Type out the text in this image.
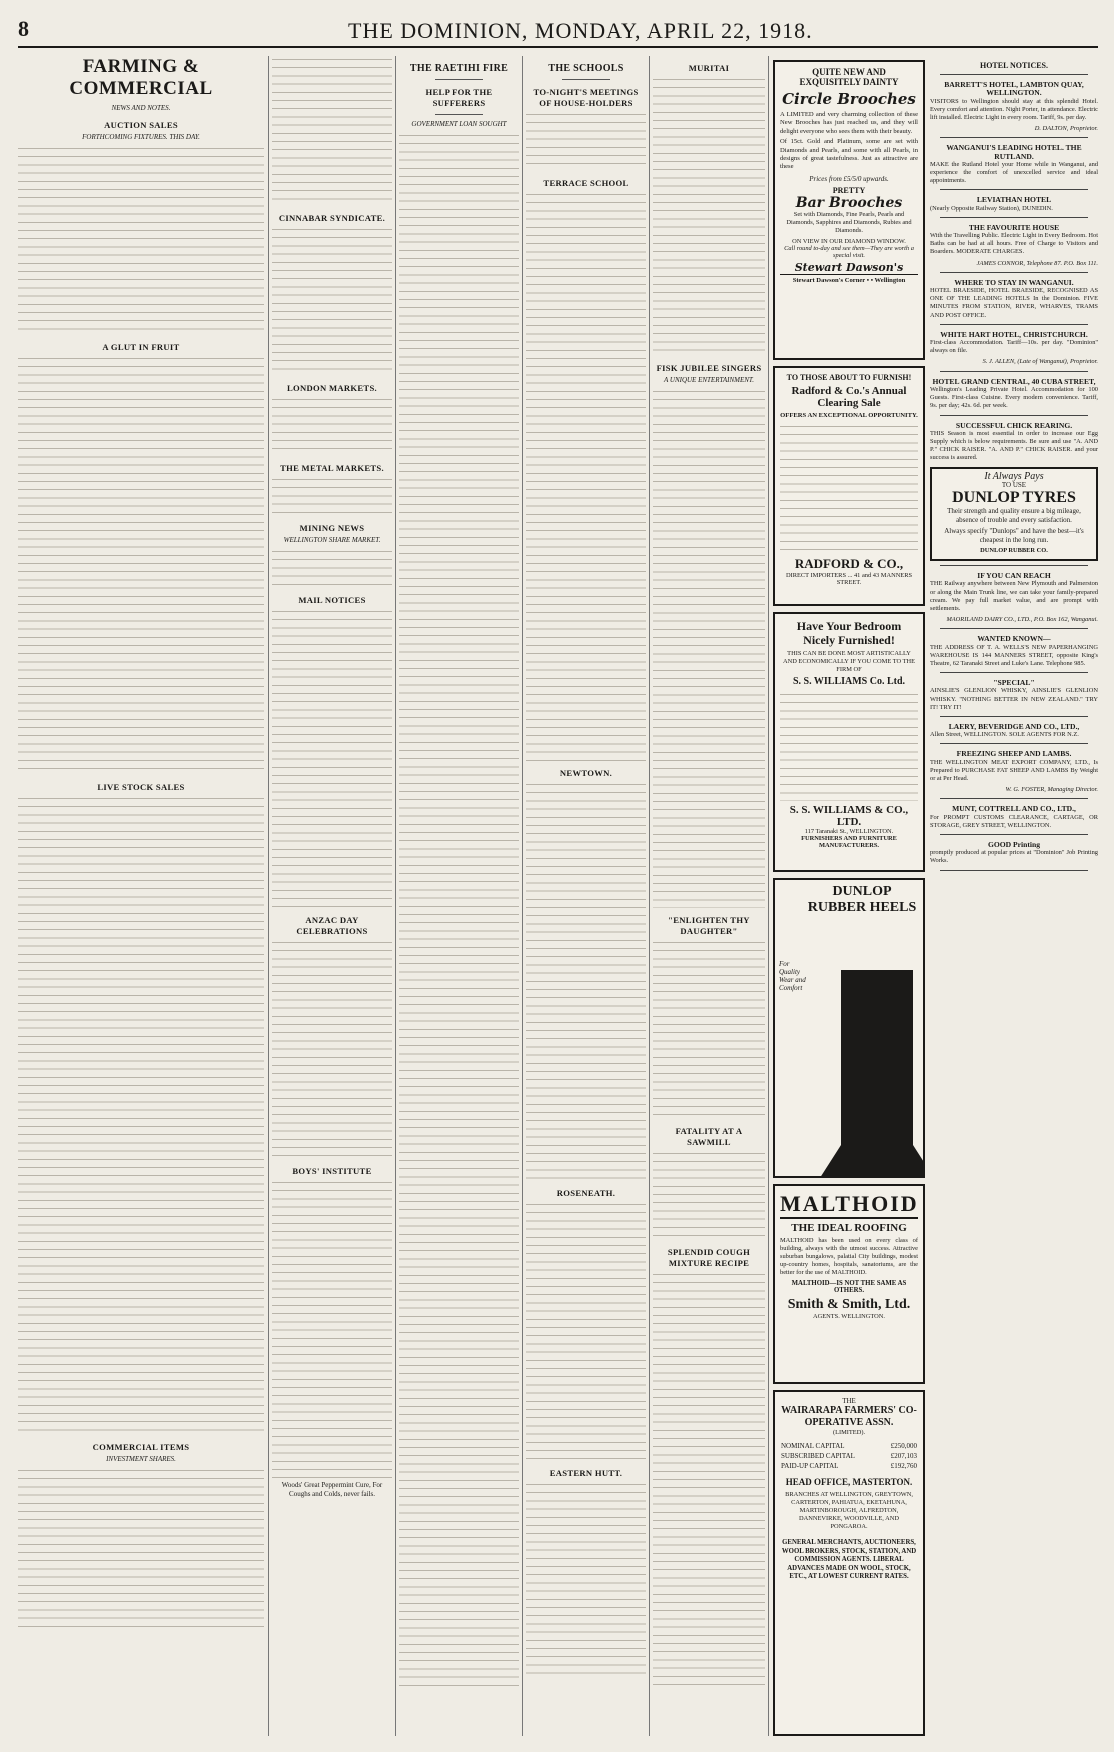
8	THE DOMINION, MONDAY, APRIL 22, 1918.
FARMING & COMMERCIAL
NEWS AND NOTES.
AUCTION SALES
FORTHCOMING FIXTURES. THIS DAY.
A GLUT IN FRUIT
LIVE STOCK SALES
COMMERCIAL ITEMS
INVESTMENT SHARES.
CINNABAR SYNDICATE.
LONDON MARKETS.
THE METAL MARKETS.
MINING NEWS
WELLINGTON SHARE MARKET.
MAIL NOTICES
ANZAC DAY CELEBRATIONS
BOYS' INSTITUTE
Woods' Great Peppermint Cure, For Coughs and Colds, never fails.
THE RAETIHI FIRE
HELP FOR THE SUFFERERS
GOVERNMENT LOAN SOUGHT
THE SCHOOLS
TO-NIGHT'S MEETINGS OF HOUSE-HOLDERS
TERRACE SCHOOL
NEWTOWN.
ROSENEATH.
EASTERN HUTT.
MURITAI
FISK JUBILEE SINGERS
A UNIQUE ENTERTAINMENT.
"ENLIGHTEN THY DAUGHTER"
FATALITY AT A SAWMILL
SPLENDID COUGH MIXTURE RECIPE
HOTEL NOTICES.
BARRETT'S HOTEL, LAMBTON QUAY, WELLINGTON.
VISITORS to Wellington should stay at this splendid Hotel. Every comfort and attention. Night Porter, in attendance. Electric lift installed. Electric Light in every room. Tariff, 9s. per day.
D. DALTON, Proprietor.
WANGANUI'S LEADING HOTEL. THE RUTLAND.
MAKE the Rutland Hotel your Home while in Wanganui, and experience the comfort of unexcelled service and ideal appointments.
LEVIATHAN HOTEL
(Nearly Opposite Railway Station), DUNEDIN.
THE FAVOURITE HOUSE
With the Travelling Public. Electric Light in Every Bedroom. Hot Baths can be had at all hours. Free of Charge to Visitors and Boarders. MODERATE CHARGES.
JAMES CONNOR, Telephone 87. P.O. Box 111.
WHERE TO STAY IN WANGANUI.
HOTEL BRAESIDE, HOTEL BRAESIDE, RECOGNISED AS ONE OF THE LEADING HOTELS In the Dominion. FIVE MINUTES FROM STATION, RIVER, WHARVES, TRAMS AND POST OFFICE.
WHITE HART HOTEL, CHRISTCHURCH.
First-class Accommodation. Tariff—10s. per day. "Dominion" always on file.
S. J. ALLEN, (Late of Wanganui), Proprietor.
HOTEL GRAND CENTRAL, 40 CUBA STREET,
Wellington's Leading Private Hotel. Accommodation for 100 Guests. First-class Cuisine. Every modern convenience. Tariff, 9s. per day; 42s. 6d. per week.
SUCCESSFUL CHICK REARING.
THIS Season is most essential in order to increase our Egg Supply which is below requirements. Be sure and use "A. AND P." CHICK RAISER. "A. AND P." CHICK RAISER. and your success is assured.
It Always Pays
TO USE
DUNLOP TYRES
Their strength and quality ensure a big mileage, absence of trouble and every satisfaction.
Always specify "Dunlops" and have the best—it's cheapest in the long run.
DUNLOP RUBBER CO.
IF YOU CAN REACH
THE Railway anywhere between New Plymouth and Palmerston or along the Main Trunk line, we can take your family-prepared cream. We pay full market value, and are prompt with settlements.
MAORILAND DAIRY CO., LTD., P.O. Box 162, Wanganui.
WANTED KNOWN—
THE ADDRESS OF T. A. WELLS'S NEW PAPERHANGING WAREHOUSE IS 144 MANNERS STREET, opposite King's Theatre, 62 Taranaki Street and Luke's Lane. Telephone 985.
"SPECIAL"
AINSLIE'S GLENLION WHISKY, AINSLIE'S GLENLION WHISKY. "NOTHING BETTER IN NEW ZEALAND." TRY IT! TRY IT!
LAERY, BEVERIDGE AND CO., LTD.,
Allen Street, WELLINGTON. SOLE AGENTS FOR N.Z.
FREEZING SHEEP AND LAMBS.
THE WELLINGTON MEAT EXPORT COMPANY, LTD., Is Prepared to PURCHASE FAT SHEEP AND LAMBS By Weight or at Per Head.
W. G. FOSTER, Managing Director.
MUNT, COTTRELL AND CO., LTD.,
For PROMPT CUSTOMS CLEARANCE, CARTAGE, OR STORAGE, GREY STREET, WELLINGTON.
GOOD Printing
promptly produced at popular prices at "Dominion" Job Printing Works.
QUITE NEW AND
EXQUISITELY DAINTY
Circle Brooches
A LIMITED and very charming collection of these New Brooches has just reached us, and they will delight everyone who sees them with their beauty.
Of 15ct. Gold and Platinum, some are set with Diamonds and Pearls, and some with all Pearls, in designs of great tastefulness. Just as attractive are these
Prices from £5/5/0 upwards.
PRETTY
Bar Brooches
Set with Diamonds, Fine Pearls, Pearls and Diamonds, Sapphires and Diamonds, Rubies and Diamonds.
ON VIEW IN OUR DIAMOND WINDOW.
Call round to-day and see them—They are worth a special visit.
Stewart Dawson's
Stewart Dawson's Corner • • Wellington
TO THOSE ABOUT TO FURNISH!
Radford & Co.'s Annual Clearing Sale
OFFERS AN EXCEPTIONAL OPPORTUNITY.
RADFORD & CO.,
DIRECT IMPORTERS ... 41 and 43 MANNERS STREET.
Have Your Bedroom Nicely Furnished!
THIS CAN BE DONE MOST ARTISTICALLY AND ECONOMICALLY IF YOU COME TO THE FIRM OF
S. S. WILLIAMS Co. Ltd.
S. S. WILLIAMS & CO., LTD.
117 Taranaki St., WELLINGTON.
FURNISHERS AND FURNITURE MANUFACTURERS.
DUNLOP RUBBER HEELS
For Quality Wear and Comfort
MALTHOID
THE IDEAL ROOFING
MALTHOID has been used on every class of building, always with the utmost success. Attractive suburban bungalows, palatial City buildings, modest up-country homes, hospitals, sanatoriums, are the better for the use of MALTHOID.
MALTHOID—IS NOT THE SAME AS OTHERS.
Smith & Smith, Ltd.
AGENTS. WELLINGTON.
THE
WAIRARAPA FARMERS' CO-OPERATIVE ASSN.
(LIMITED).
NOMINAL CAPITAL	£250,000
SUBSCRIBED CAPITAL	£207,103
PAID-UP CAPITAL	£192,760
HEAD OFFICE, MASTERTON.
BRANCHES AT WELLINGTON, GREYTOWN, CARTERTON, PAHIATUA, EKETAHUNA, MARTINBOROUGH, ALFREDTON, DANNEVIRKE, WOODVILLE, AND PONGAROA.
GENERAL MERCHANTS, AUCTIONEERS, WOOL BROKERS, STOCK, STATION, AND COMMISSION AGENTS. LIBERAL ADVANCES MADE ON WOOL, STOCK, ETC., AT LOWEST CURRENT RATES.
